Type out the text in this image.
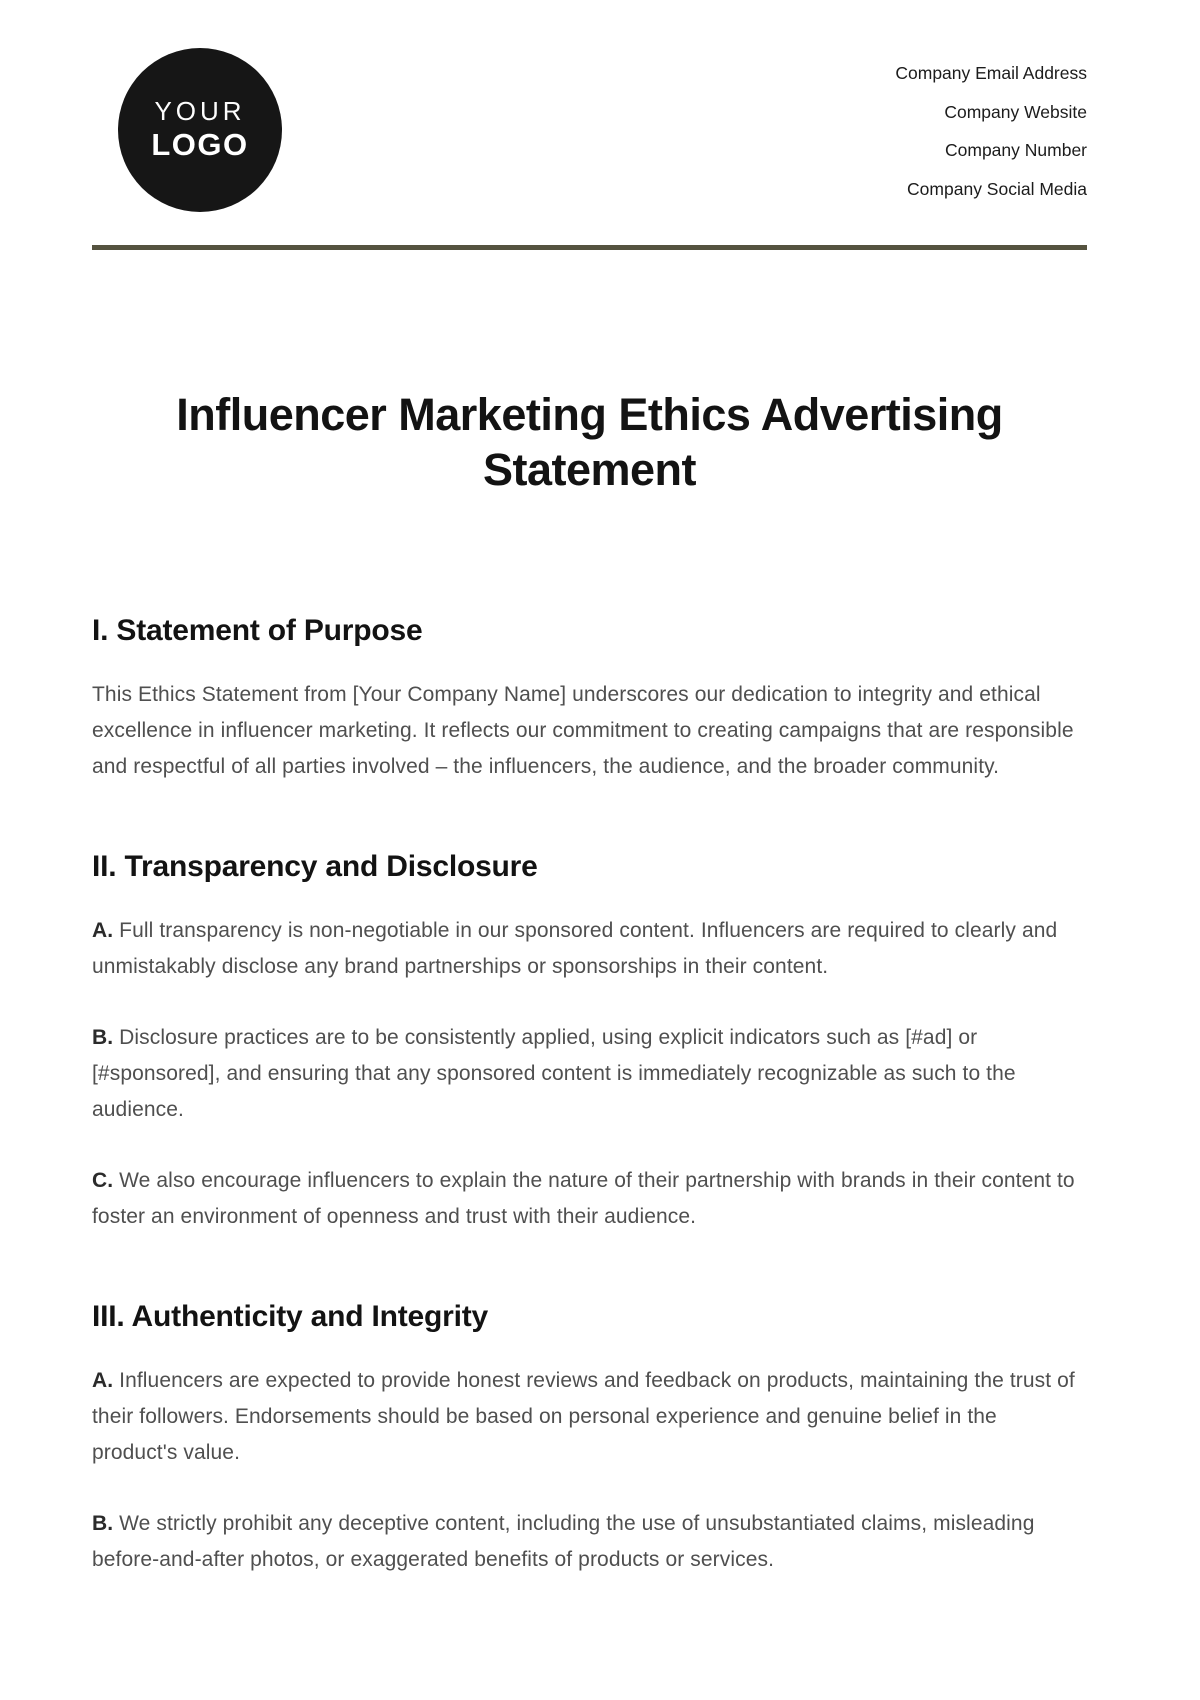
YOUR
LOGO
Company Email Address
Company Website
Company Number
Company Social Media
Influencer Marketing Ethics Advertising Statement
I. Statement of Purpose

This Ethics Statement from [Your Company Name] underscores our dedication to integrity and ethical excellence in influencer marketing. It reflects our commitment to creating campaigns that are responsible and respectful of all parties involved – the influencers, the audience, and the broader community.

II. Transparency and Disclosure

A. Full transparency is non-negotiable in our sponsored content. Influencers are required to clearly and unmistakably disclose any brand partnerships or sponsorships in their content.

B. Disclosure practices are to be consistently applied, using explicit indicators such as [#ad] or [#sponsored], and ensuring that any sponsored content is immediately recognizable as such to the audience.

C. We also encourage influencers to explain the nature of their partnership with brands in their content to foster an environment of openness and trust with their audience.

III. Authenticity and Integrity

A. Influencers are expected to provide honest reviews and feedback on products, maintaining the trust of their followers. Endorsements should be based on personal experience and genuine belief in the product's value.

B. We strictly prohibit any deceptive content, including the use of unsubstantiated claims, misleading before-and-after photos, or exaggerated benefits of products or services.
